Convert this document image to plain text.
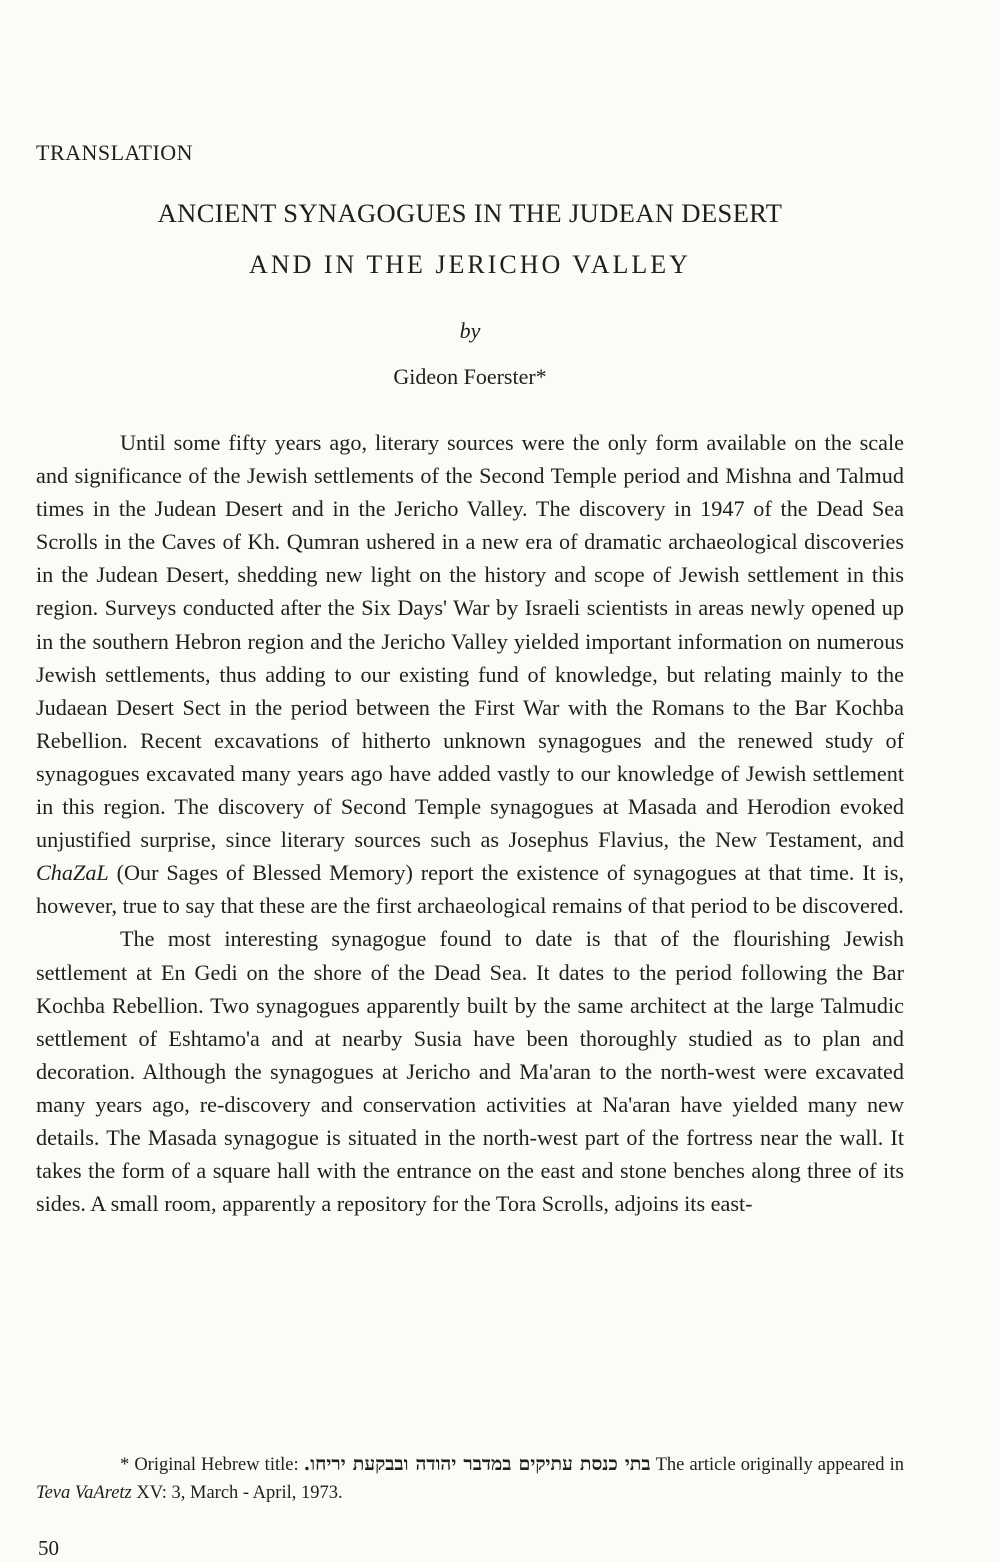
TRANSLATION
ANCIENT SYNAGOGUES IN THE JUDEAN DESERT
AND IN THE JERICHO VALLEY
by
Gideon Foerster*

Until some fifty years ago, literary sources were the only form available on the scale and significance of the Jewish settlements of the Second Temple period and Mishna and Talmud times in the Judean Desert and in the Jericho Valley. The discovery in 1947 of the Dead Sea Scrolls in the Caves of Kh. Qumran ushered in a new era of dramatic archaeological discoveries in the Judean Desert, shedding new light on the history and scope of Jewish settlement in this region. Surveys conducted after the Six Days' War by Israeli scientists in areas newly opened up in the southern Hebron region and the Jericho Valley yielded important information on numerous Jewish settlements, thus adding to our existing fund of knowledge, but relating mainly to the Judaean Desert Sect in the period between the First War with the Romans to the Bar Kochba Rebellion. Recent excavations of hitherto unknown synagogues and the renewed study of synagogues excavated many years ago have added vastly to our knowledge of Jewish settlement in this region. The discovery of Second Temple synagogues at Masada and Herodion evoked unjustified surprise, since literary sources such as Josephus Flavius, the New Testament, and ChaZaL (Our Sages of Blessed Memory) report the existence of synagogues at that time. It is, however, true to say that these are the first archaeological remains of that period to be discovered.

The most interesting synagogue found to date is that of the flourishing Jewish settlement at En Gedi on the shore of the Dead Sea. It dates to the period following the Bar Kochba Rebellion. Two synagogues apparently built by the same architect at the large Talmudic settlement of Eshtamo'a and at nearby Susia have been thoroughly studied as to plan and decoration. Although the synagogues at Jericho and Ma'aran to the north-west were excavated many years ago, re-discovery and conservation activities at Na'aran have yielded many new details. The Masada synagogue is situated in the north-west part of the fortress near the wall. It takes the form of a square hall with the entrance on the east and stone benches along three of its sides. A small room, apparently a repository for the Tora Scrolls, adjoins its east-

* Original Hebrew title: בתי כנסת עתיקים במדבר יהודה ובבקעת יריחו. The article originally appeared in Teva VaAretz XV: 3, March - April, 1973.
50
